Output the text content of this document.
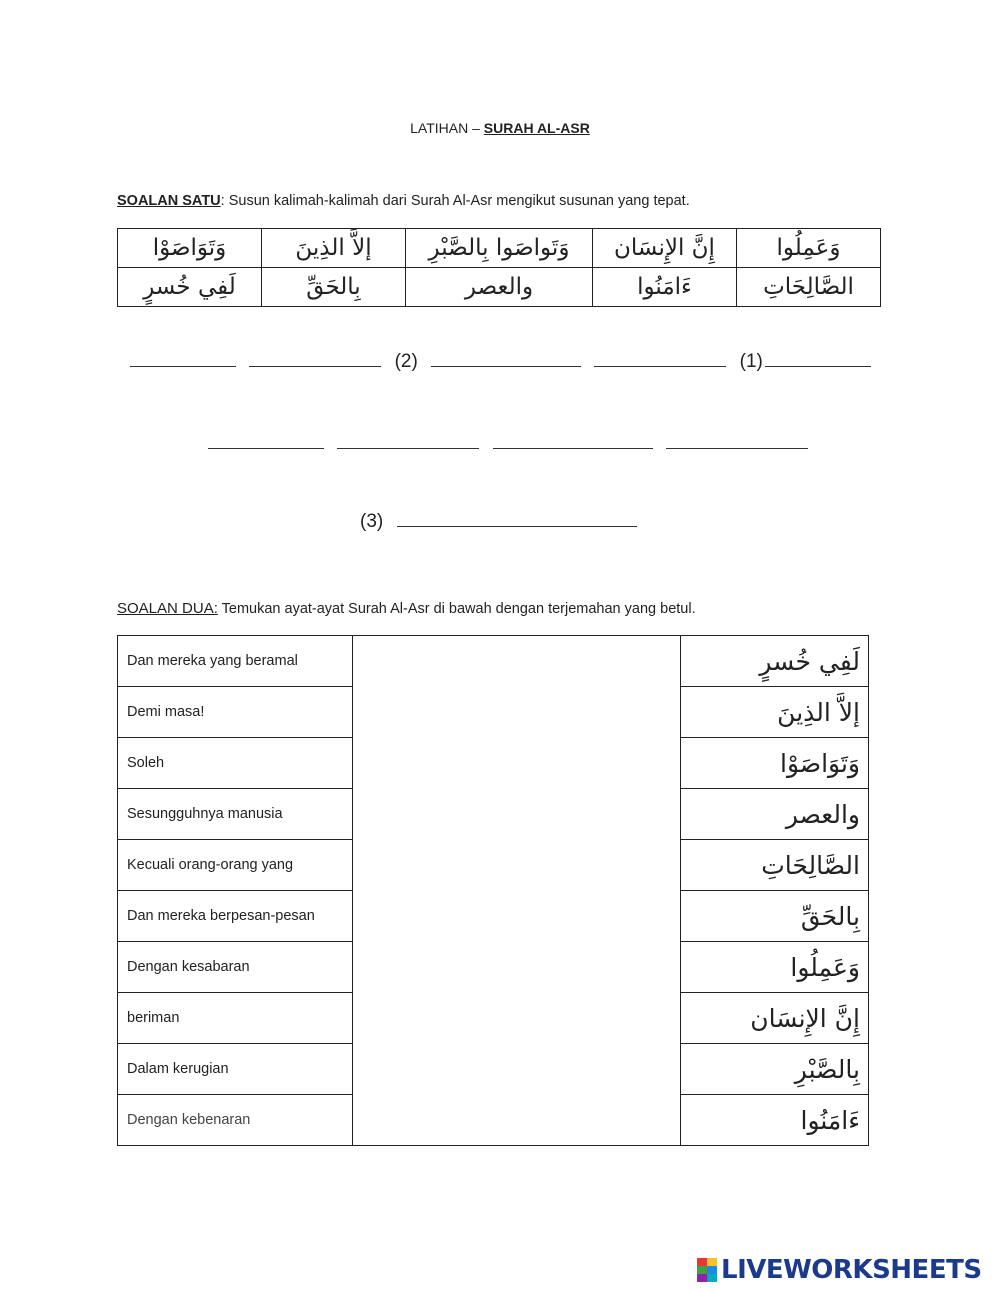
LATIHAN – SURAH AL-ASR
SOALAN SATU: Susun kalimah-kalimah dari Surah Al-Asr mengikut susunan yang tepat.
وَتَوَاصَوْا	إلاَّ الذِينَ	وَتَواصَوا بِالصَّبْرِ	إِنَّ الإِنسَان	وَعَمِلُوا
لَفِي خُسرٍ	بِالحَقِّ	والعصر	ءَامَنُوا	الصَّالِحَاتِ
(2)	(1)

(3)
SOALAN DUA: Temukan ayat-ayat Surah Al-Asr di bawah dengan terjemahan yang betul.
Dan mereka yang beramal		لَفِي خُسرٍ
Demi masa!		إلاَّ الذِينَ
Soleh		وَتَوَاصَوْا
Sesungguhnya manusia		والعصر
Kecuali orang-orang yang		الصَّالِحَاتِ
Dan mereka berpesan-pesan		بِالحَقِّ
Dengan kesabaran		وَعَمِلُوا
beriman		إِنَّ الإِنسَان
Dalam kerugian		بِالصَّبْرِ
Dengan kebenaran		ءَامَنُوا
LIVEWORKSHEETS
